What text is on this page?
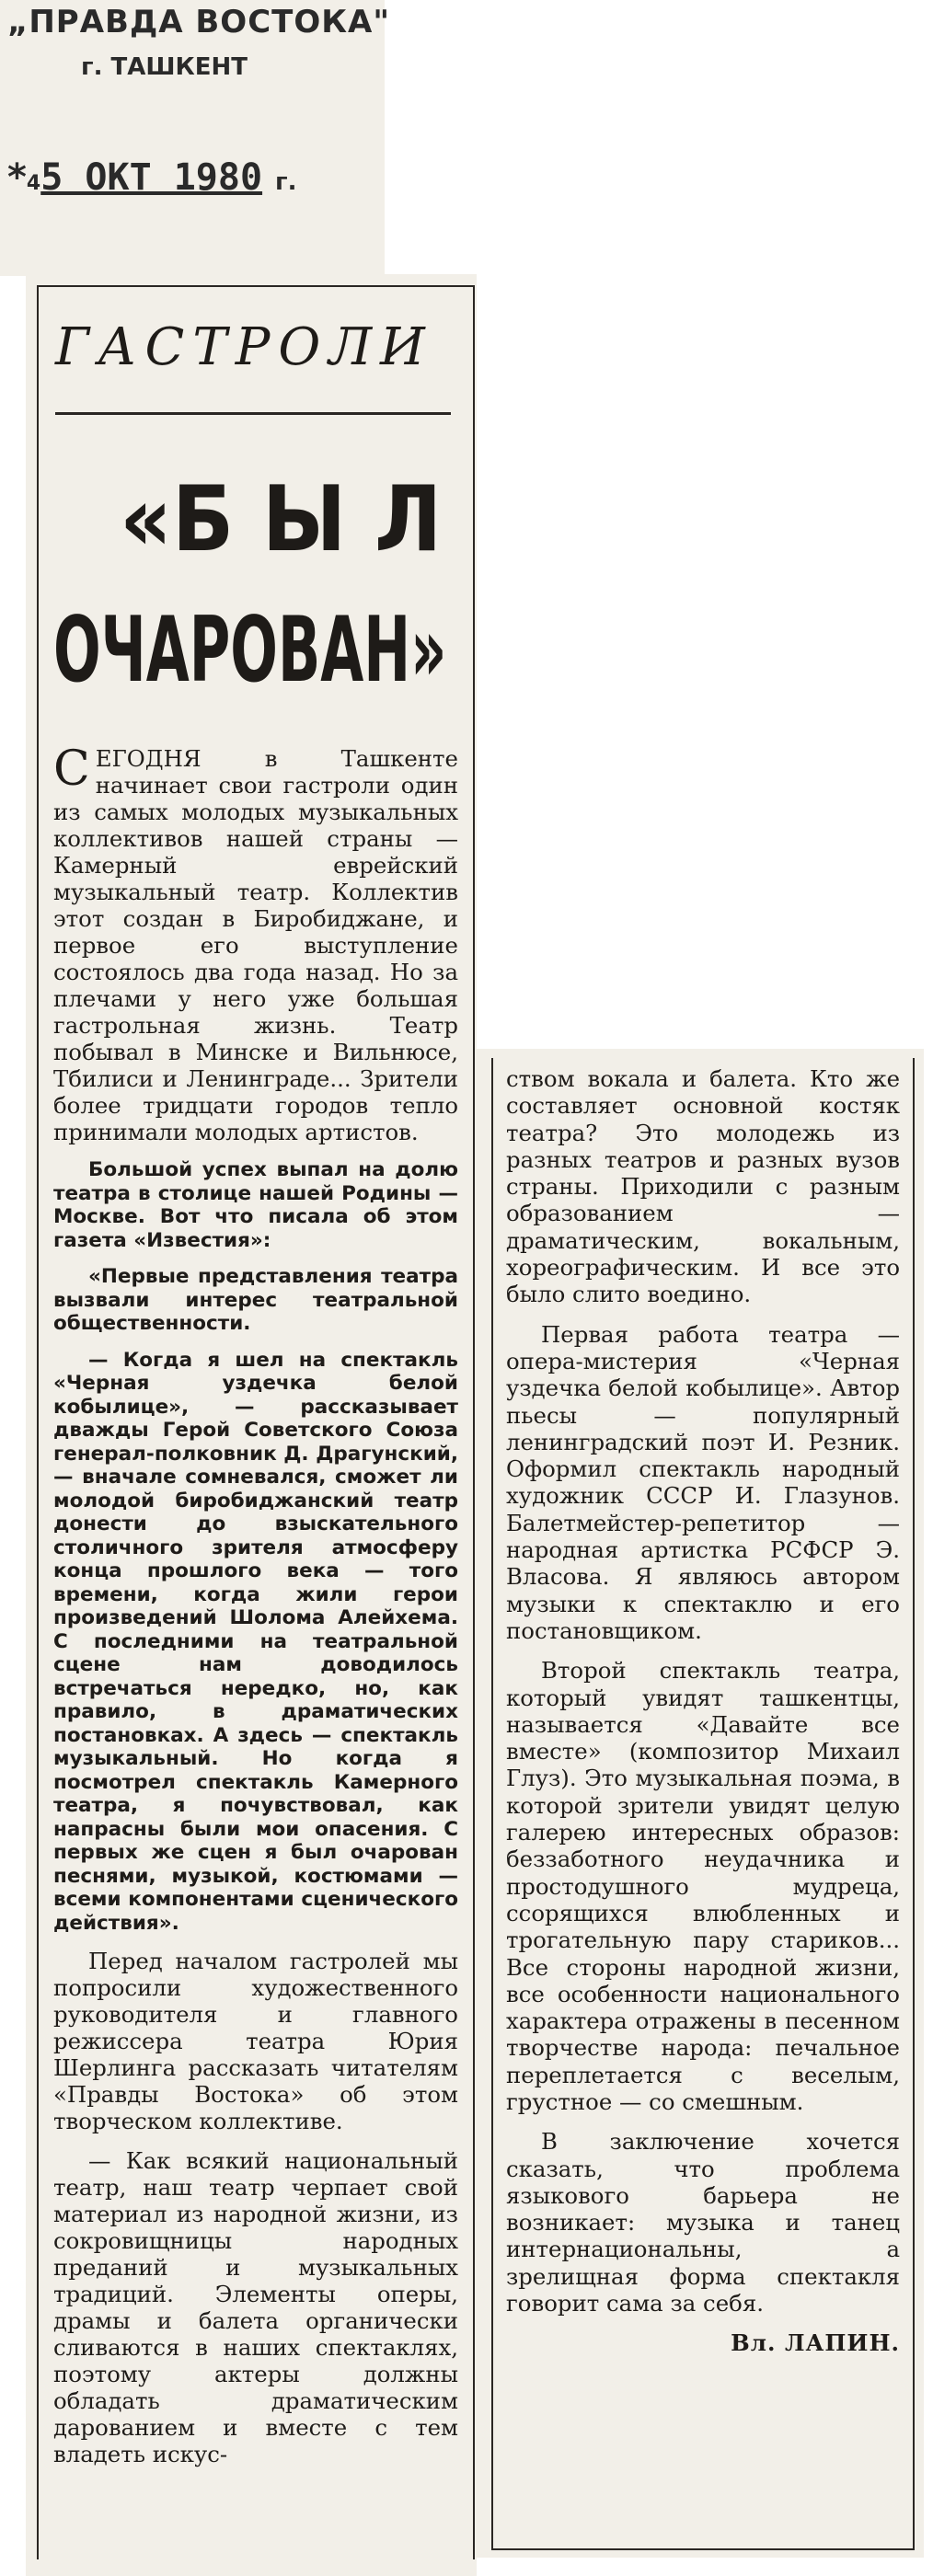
„ПРАВДА ВОСТОКА"
г. ТАШКЕНТ
*45 ОКТ 1980 г.
ГАСТРОЛИ
«Б Ы Л
ОЧАРОВАН»

СЕГОДНЯ в Ташкенте начинает свои гастроли один из самых молодых музыкальных коллективов нашей страны — Камерный еврейский музыкальный театр. Коллектив этот создан в Биробиджане, и первое его выступление состоялось два года назад. Но за плечами у него уже большая гастрольная жизнь. Театр побывал в Минске и Вильнюсе, Тбилиси и Ленинграде... Зрители более тридцати городов тепло принимали молодых артистов.

Большой успех выпал на долю театра в столице нашей Родины — Москве. Вот что писала об этом газета «Известия»:

«Первые представления театра вызвали интерес театральной общественности.

— Когда я шел на спектакль «Черная уздечка белой кобылице», — рассказывает дважды Герой Советского Союза генерал-полковник Д. Драгунский, — вначале сомневался, сможет ли молодой биробиджанский театр донести до взыскательного столичного зрителя атмосферу конца прошлого века — того времени, когда жили герои произведений Шолома Алейхема. С последними на театральной сцене нам доводилось встречаться нередко, но, как правило, в драматических постановках. А здесь — спектакль музыкальный. Но когда я посмотрел спектакль Камерного театра, я почувствовал, как напрасны были мои опасения. С первых же сцен я был очарован песнями, музыкой, костюмами — всеми компонентами сценического действия».

Перед началом гастролей мы попросили художественного руководителя и главного режиссера театра Юрия Шерлинга рассказать читателям «Правды Востока» об этом творческом коллективе.

— Как всякий национальный театр, наш театр черпает свой материал из народной жизни, из сокровищницы народных преданий и музыкальных традиций. Элементы оперы, драмы и балета органически сливаются в наших спектаклях, поэтому актеры должны обладать драматическим дарованием и вместе с тем владеть искус-

ством вокала и балета. Кто же составляет основной костяк театра? Это молодежь из разных театров и разных вузов страны. Приходили с разным образованием — драматическим, вокальным, хореографическим. И все это было слито воедино.

Первая работа театра — опера-мистерия «Черная уздечка белой кобылице». Автор пьесы — популярный ленинградский поэт И. Резник. Оформил спектакль народный художник СССР И. Глазунов. Балетмейстер-репетитор — народная артистка РСФСР Э. Власова. Я являюсь автором музыки к спектаклю и его постановщиком.

Второй спектакль театра, который увидят ташкентцы, называется «Давайте все вместе» (композитор Михаил Глуз). Это музыкальная поэма, в которой зрители увидят целую галерею интересных образов: беззаботного неудачника и простодушного мудреца, ссорящихся влюбленных и трогательную пару стариков... Все стороны народной жизни, все особенности национального характера отражены в песенном творчестве народа: печальное переплетается с веселым, грустное — со смешным.

В заключение хочется сказать, что проблема языкового барьера не возникает: музыка и танец интернациональны, а зрелищная форма спектакля говорит сама за себя.

Вл. ЛАПИН.
